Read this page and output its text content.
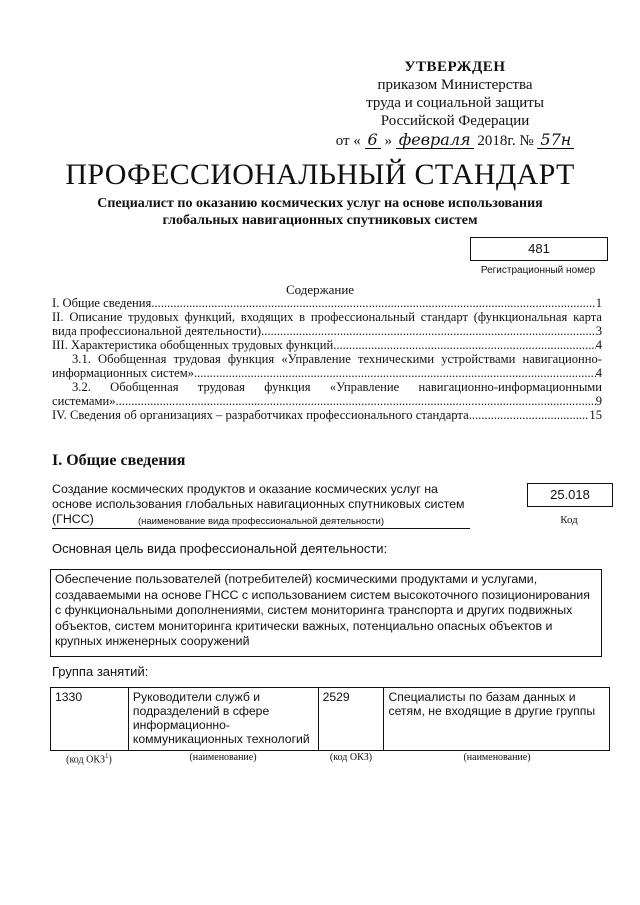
УТВЕРЖДЕН
приказом Министерства
труда и социальной защиты
Российской Федерации
от « 6 » февраля 2018г. № 57н
ПРОФЕССИОНАЛЬНЫЙ СТАНДАРТ
Специалист по оказанию космических услуг на основе использования глобальных навигационных спутниковых систем
481
Регистрационный номер
Содержание
I. Общие сведения .....	1
II. Описание трудовых функций, входящих в профессиональный стандарт (функциональная карта
вида профессиональной деятельности) .....	3
III. Характеристика обобщенных трудовых функций .....	4
3.1. Обобщенная трудовая функция «Управление техническими устройствами навигационно-
информационных систем» .....	4
3.2. Обобщенная трудовая функция «Управление навигационно-информационными
системами» .....	9
IV. Сведения об организациях – разработчиках профессионального стандарта .....	15
I. Общие сведения
Создание космических продуктов и оказание космических услуг на основе использования глобальных навигационных спутниковых систем (ГНСС)
25.018
(наименование вида профессиональной деятельности)	Код
Основная цель вида профессиональной деятельности:
Обеспечение пользователей (потребителей) космическими продуктами и услугами, создаваемыми на основе ГНСС с использованием систем высокоточного позиционирования с функциональными дополнениями, систем мониторинга транспорта и других подвижных объектов, систем мониторинга критически важных, потенциально опасных объектов и крупных инженерных сооружений
Группа занятий:
1330	Руководители служб и подразделений в сфере информационно-коммуникационных технологий	2529	Специалисты по базам данных и сетям, не входящие в другие группы
(код ОКЗ$^1$)	(наименование)	(код ОКЗ)	(наименование)
